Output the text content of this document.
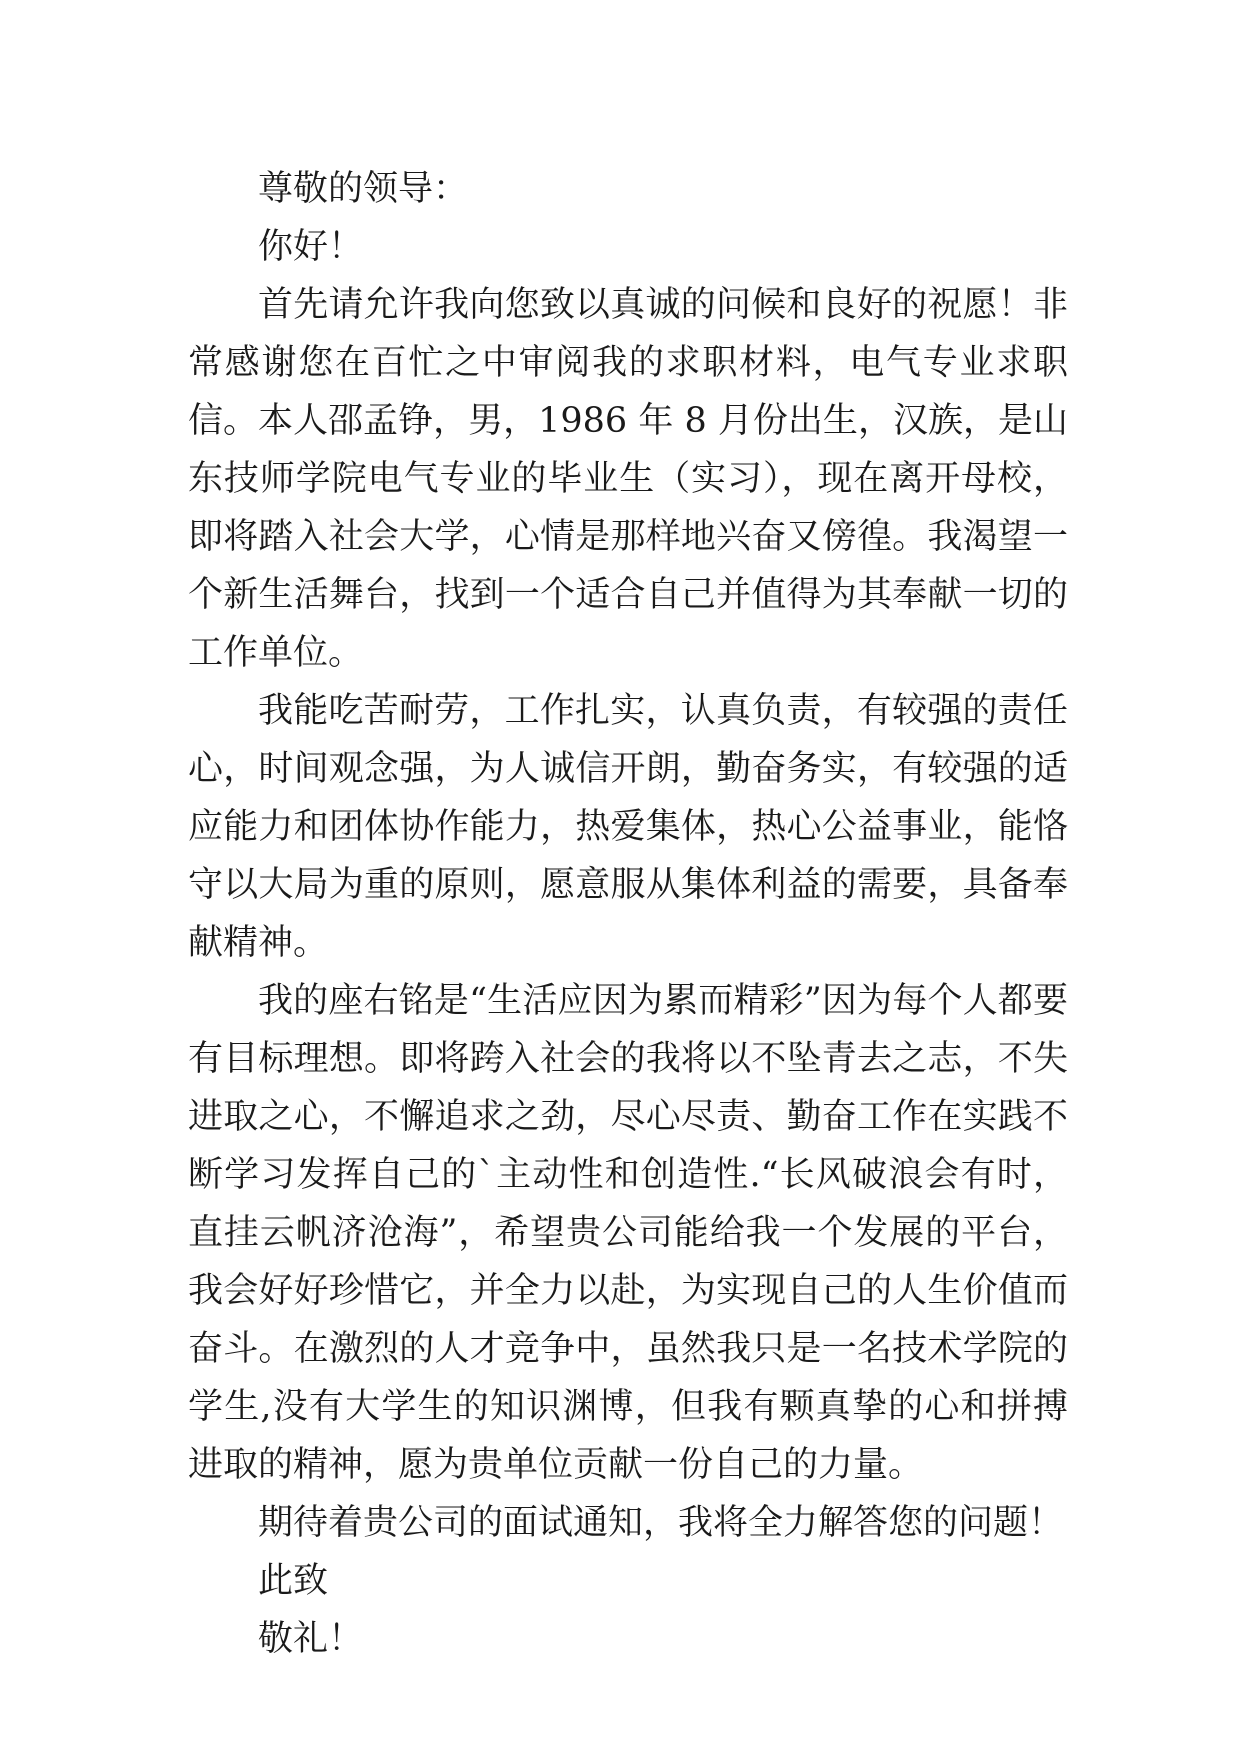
尊敬的领导：

你好！

首先请允许我向您致以真诚的问候和良好的祝愿！非常感谢您在百忙之中审阅我的求职材料，电气专业求职信。本人邵孟铮，男，1986 年 8 月份出生，汉族，是山东技师学院电气专业的毕业生（实习），现在离开母校，即将踏入社会大学，心情是那样地兴奋又傍徨。我渴望一个新生活舞台，找到一个适合自己并值得为其奉献一切的工作单位。

我能吃苦耐劳，工作扎实，认真负责，有较强的责任心，时间观念强，为人诚信开朗，勤奋务实，有较强的适应能力和团体协作能力，热爱集体，热心公益事业，能恪守以大局为重的原则，愿意服从集体利益的需要，具备奉献精神。

我的座右铭是“生活应因为累而精彩”因为每个人都要有目标理想。即将跨入社会的我将以不坠青去之志，不失进取之心，不懈追求之劲，尽心尽责、勤奋工作在实践不断学习发挥自己的`主动性和创造性.“长风破浪会有时，直挂云帆济沧海”，希望贵公司能给我一个发展的平台，我会好好珍惜它，并全力以赴，为实现自己的人生价值而奋斗。在激烈的人才竞争中，虽然我只是一名技术学院的学生,没有大学生的知识渊博，但我有颗真挚的心和拼搏进取的精神，愿为贵单位贡献一份自己的力量。

期待着贵公司的面试通知，我将全力解答您的问题！

此致

敬礼！
